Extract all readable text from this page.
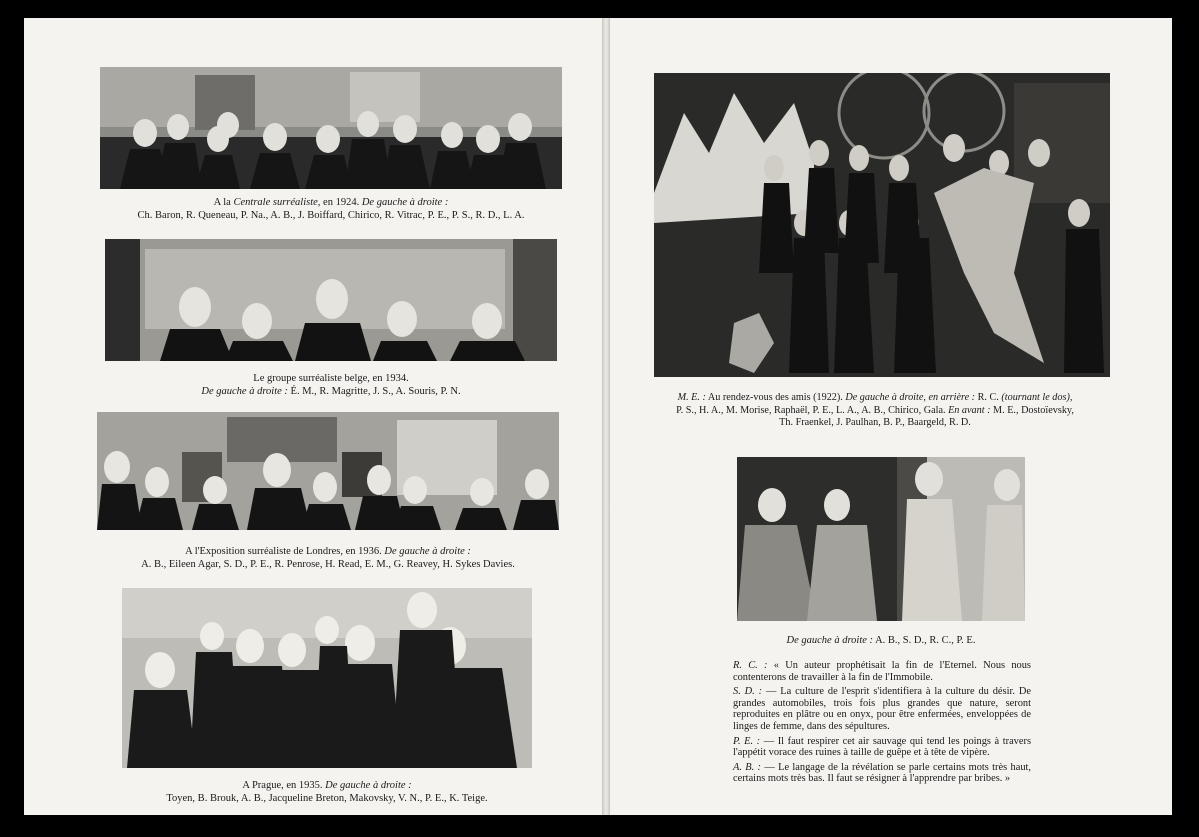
A la Centrale surréaliste, en 1924. De gauche à droite :
Ch. Baron, R. Queneau, P. Na., A. B., J. Boiffard, Chirico, R. Vitrac, P. E., P. S., R. D., L. A.
Le groupe surréaliste belge, en 1934.
De gauche à droite : É. M., R. Magritte, J. S., A. Souris, P. N.
A l'Exposition surréaliste de Londres, en 1936. De gauche à droite :
A. B., Eileen Agar, S. D., P. E., R. Penrose, H. Read, E. M., G. Reavey, H. Sykes Davies.
A Prague, en 1935. De gauche à droite :
Toyen, B. Brouk, A. B., Jacqueline Breton, Makovsky, V. N., P. E., K. Teige.
M. E. : Au rendez-vous des amis (1922). De gauche à droite, en arrière : R. C. (tournant le dos),
P. S., H. A., M. Morise, Raphaël, P. E., L. A., A. B., Chirico, Gala. En avant : M. E., Dostoïevsky,
Th. Fraenkel, J. Paulhan, B. P., Baargeld, R. D.
De gauche à droite : A. B., S. D., R. C., P. E.

R. C. : « Un auteur prophétisait la fin de l'Eternel. Nous nous contenterons de travailler à la fin de l'Immobile.

S. D. : — La culture de l'esprit s'identifiera à la culture du désir. De grandes automobiles, trois fois plus grandes que nature, seront reproduites en plâtre ou en onyx, pour être enfermées, enveloppées de linges de femme, dans des sépultures.

P. E. : — Il faut respirer cet air sauvage qui tend les poings à travers l'appétit vorace des ruines à taille de guêpe et à tête de vipère.

A. B. : — Le langage de la révélation se parle certains mots très haut, certains mots très bas. Il faut se résigner à l'apprendre par bribes. »
